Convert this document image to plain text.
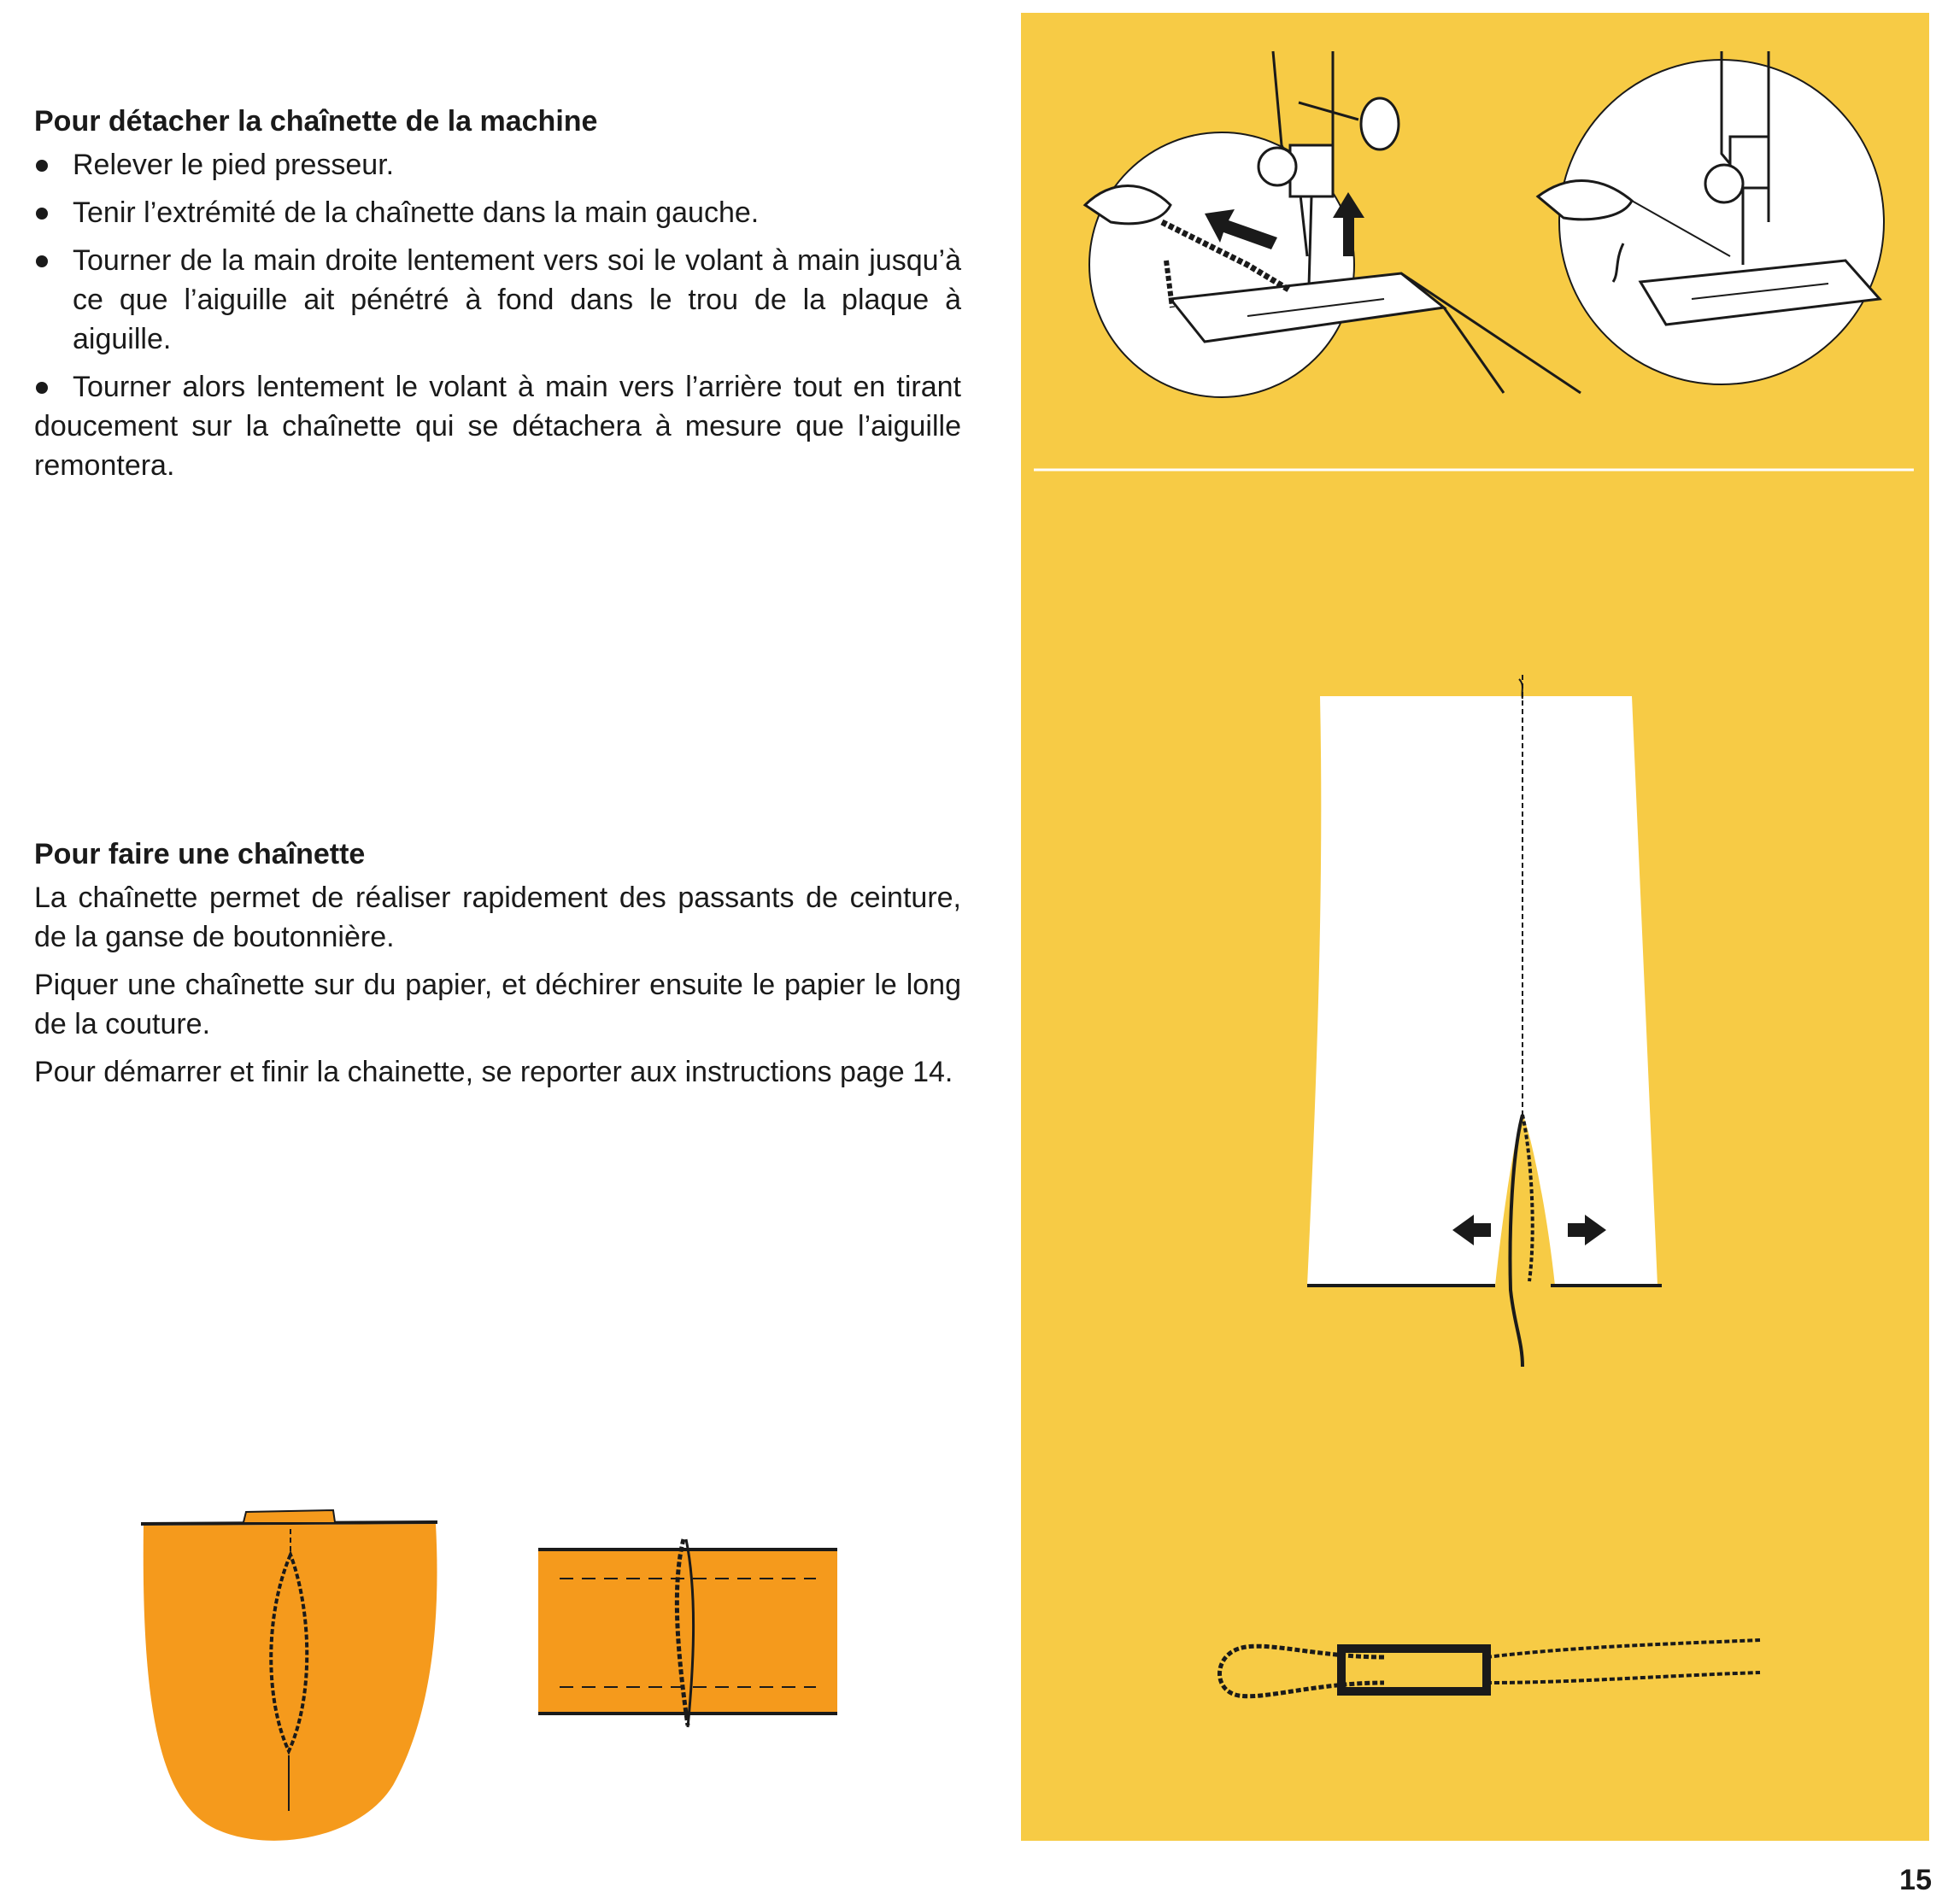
Pour détacher la chaînette de la machine
Relever le pied presseur.
Tenir l’extrémité de la chaînette dans la main gauche.
Tourner de la main droite lentement vers soi le volant à main jusqu’à ce que l’aiguille ait pénétré à fond dans le trou de la plaque à aiguille.
Tourner alors lentement le volant à main vers l’arrière tout en tirant doucement sur la chaînette qui se détachera à mesure que l’aiguille remontera.
Pour faire une chaînette
La chaînette permet de réaliser rapidement des passants de ceinture, de la ganse de boutonnière.
Piquer une chaînette sur du papier, et déchirer ensuite le papier le long de la couture.
Pour démarrer et finir la chainette, se reporter aux instructions page 14.
15
